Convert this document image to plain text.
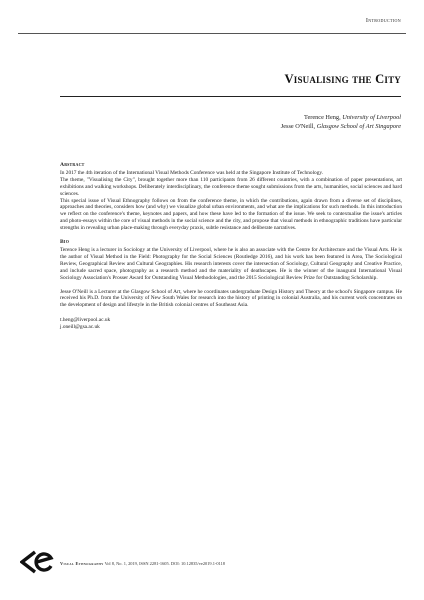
Introduction
Visualising the City
Terence Heng, University of Liverpool
Jesse O'Neill, Glasgow School of Art Singapore
Abstract

In 2017 the 4th iteration of the International Visual Methods Conference was held at the Singapore Institute of Technology.

The theme, "Visualising the City", brought together more than 110 participants from 26 different countries, with a combination of paper presentations, art exhibitions and walking workshops. Deliberately interdisciplinary, the conference theme sought submissions from the arts, humanities, social sciences and hard sciences.

This special issue of Visual Ethnography follows on from the conference theme, in which the contributions, again drawn from a diverse set of disciplines, approaches and theories, considers how (and why) we visualize global urban environments, and what are the implications for such methods. In this introduction we reflect on the conference's theme, keynotes and papers, and how these have led to the formation of the issue. We seek to contextualise the issue's articles and photo-essays within the core of visual methods in the social science and the city, and propose that visual methods in ethnographic traditions have particular strengths in revealing urban place-making through everyday praxis, subtle resistance and deliberate narratives.

Bio

Terence Heng is a lecturer in Sociology at the University of Liverpool, where he is also an associate with the Centre for Architecture and the Visual Arts. He is the author of Visual Method in the Field: Photography for the Social Sciences (Routledge 2016), and his work has been featured in Area, The Sociological Review, Geographical Review and Cultural Geographies. His research interests cover the intersection of Sociology, Cultural Geography and Creative Practice, and include sacred space, photography as a research method and the materiality of deathscapes. He is the winner of the inaugural International Visual Sociology Association's Prosser Award for Outstanding Visual Methodologies, and the 2015 Sociological Review Prize for Outstanding Scholarship.

Jesse O'Neill is a Lecturer at the Glasgow School of Art, where he coordinates undergraduate Design History and Theory at the school's Singapore campus. He received his Ph.D. from the University of New South Wales for research into the history of printing in colonial Australia, and his current work concentrates on the development of design and lifestyle in the British colonial centres of Southeast Asia.

t.heng@liverpool.ac.uk
j.oneill@gsa.ac.uk
Visual Ethnography Vol 8, No. 1, 2019, ISSN 2281-1605. DOI: 10.12835/ve2019.1-0118
